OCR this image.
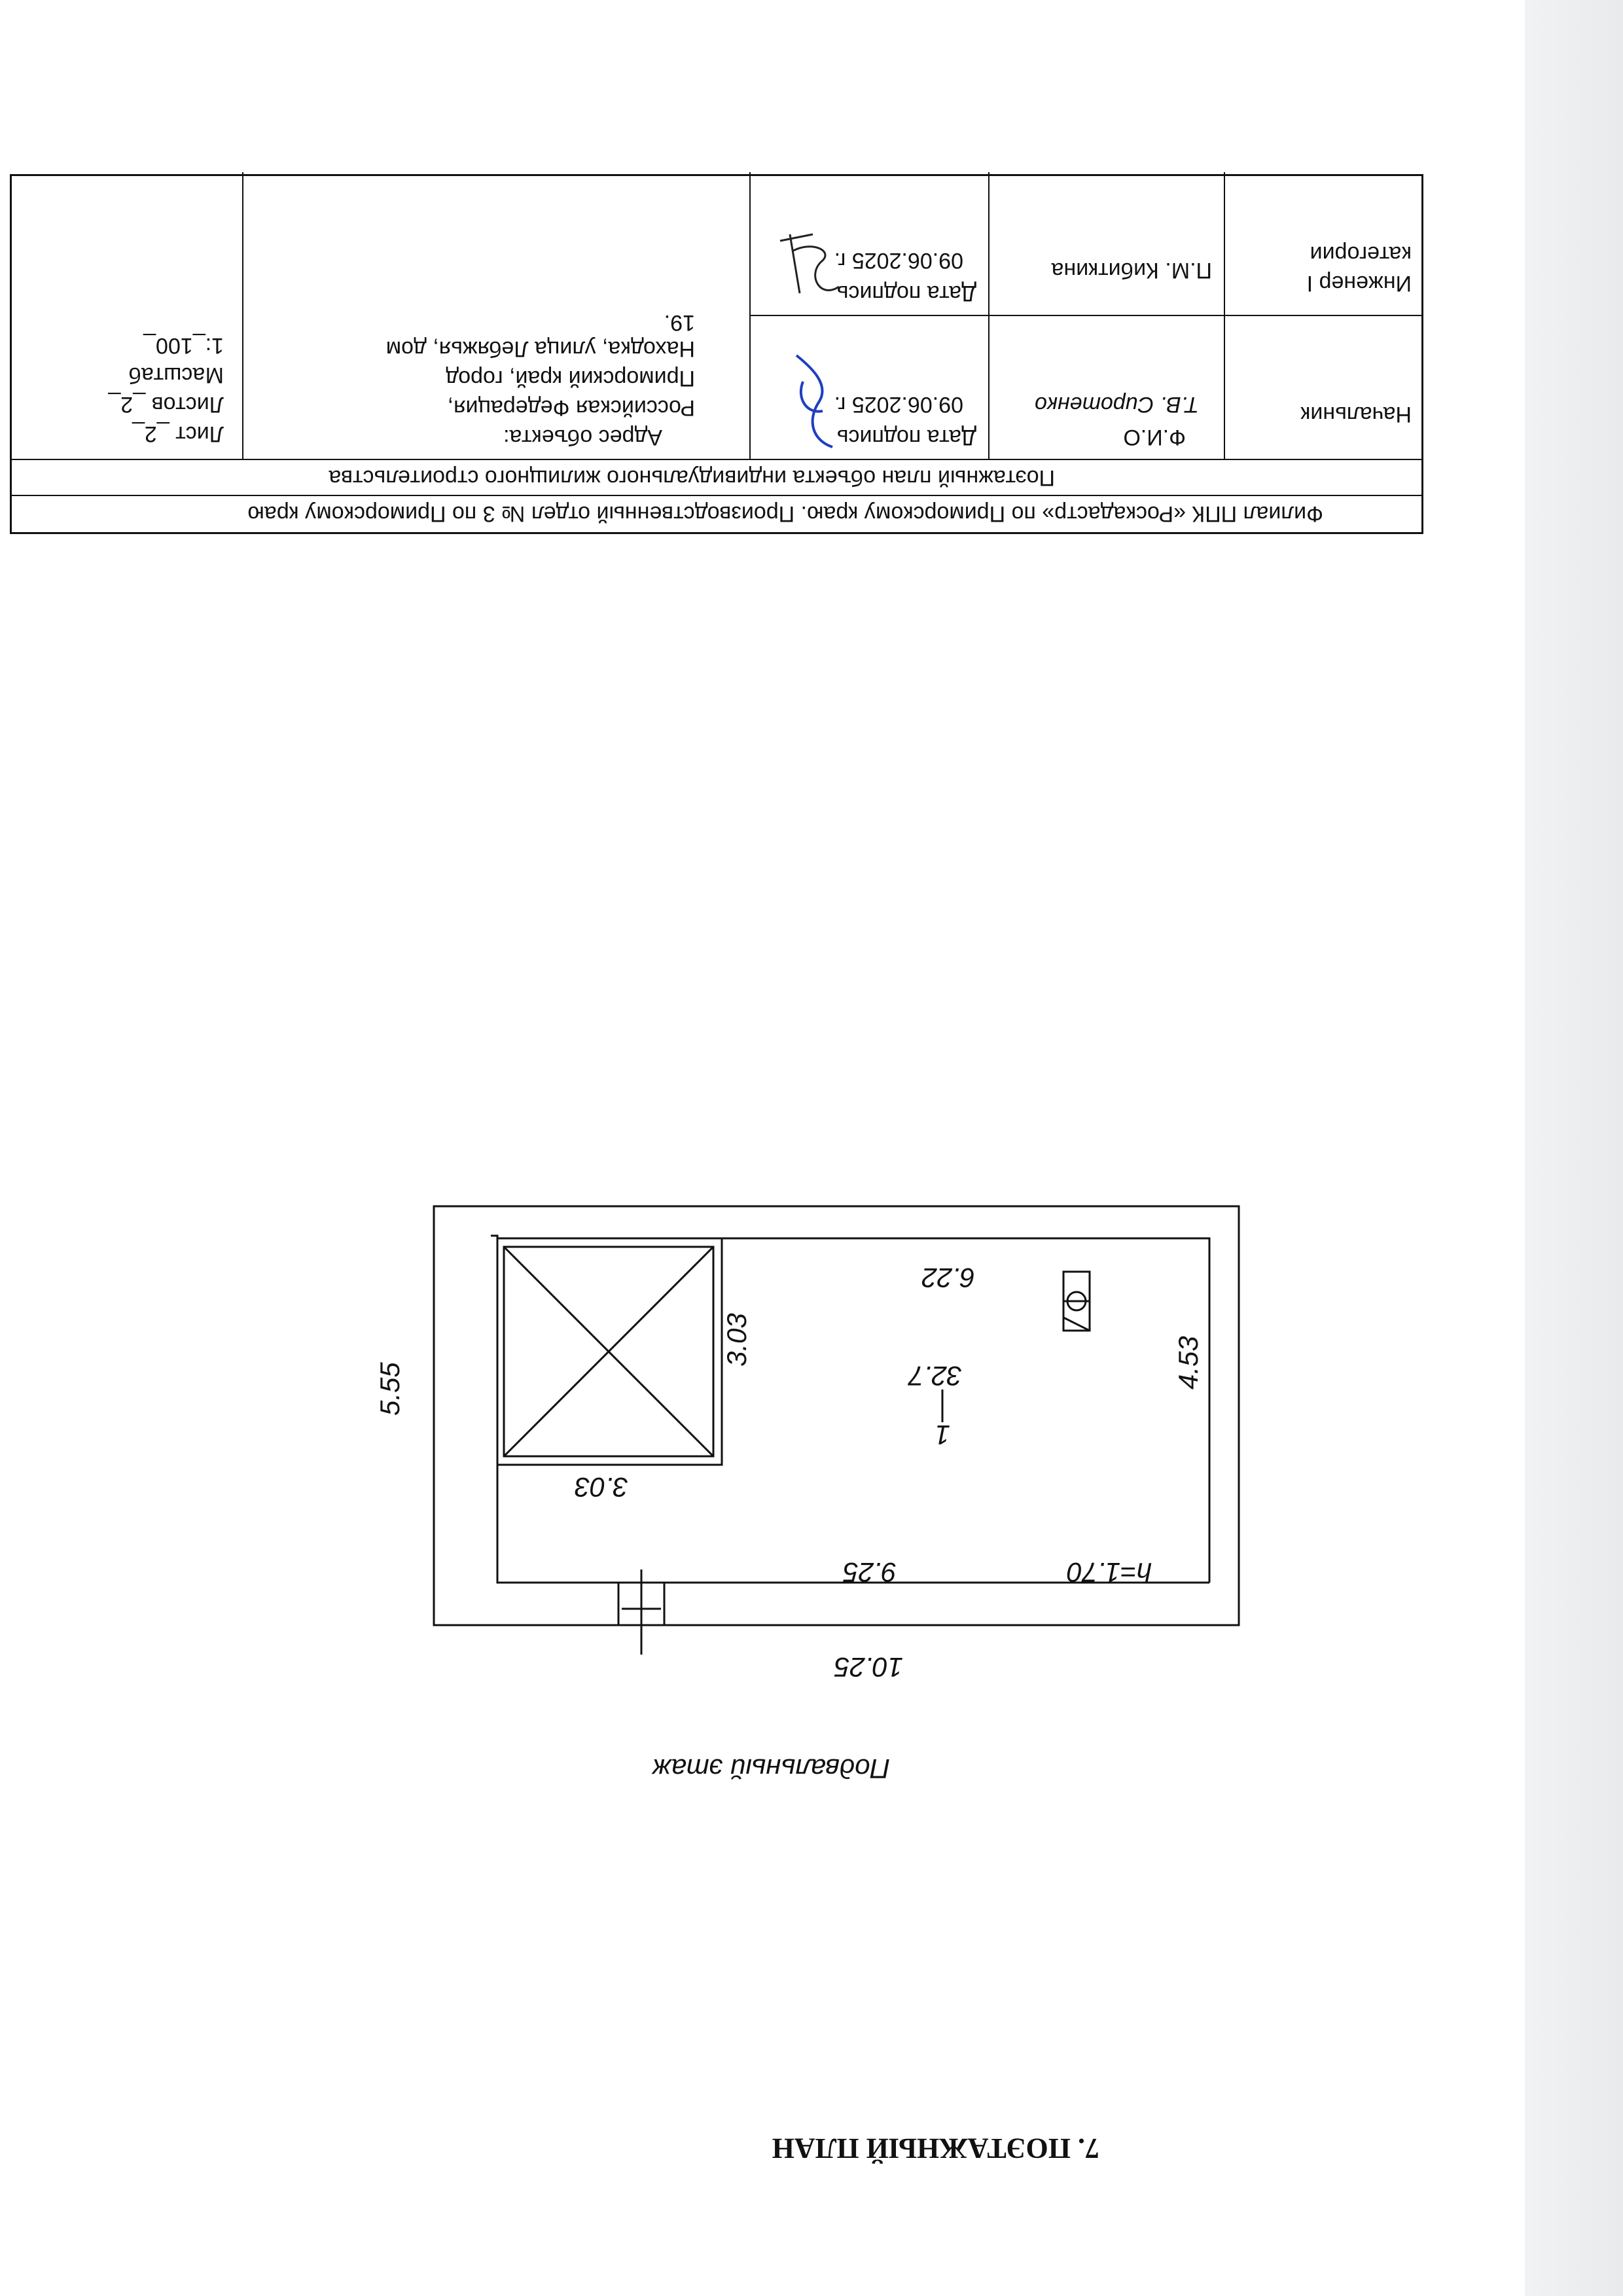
7. ПОЭТАЖНЫЙ ПЛАН
Подвальный этаж
10.25
9.25	h=1.70
6.22
3.03
1
32.7
5.55	4.53
3.03
Филиал ППК «Роскадастр» по Приморскому краю. Производственный отдел № 3 по Приморскому краю
Поэтажный план объекта индивидуального жилищного строительства
Начальник
Ф.И.О
Т.В. Сиротенко
Дата подпись
09.06.2025 г.
Инженер I
категории
П.М. Кибиткина
Дата подпись
09.06.2025 г.
Адрес объекта:
Российская Федерация,
Приморский край, город
Находка, улица Лебяжья, дом
19.
Лист _2_
Листов _2_
Масштаб
1:_100_
